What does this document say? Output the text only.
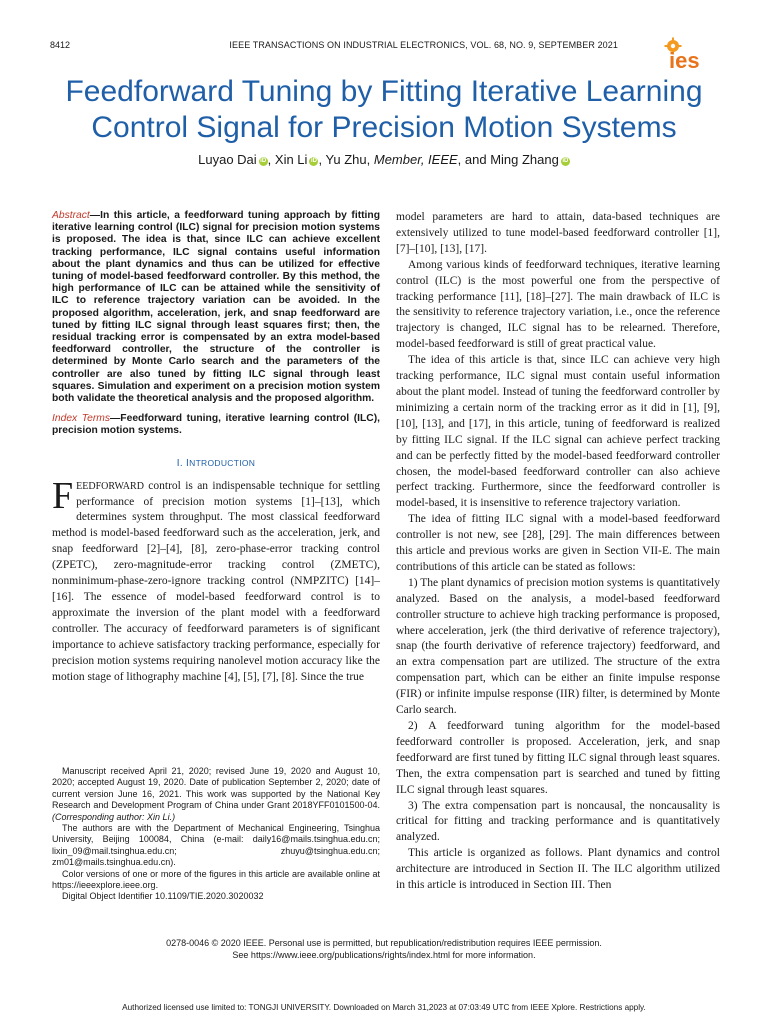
8412	IEEE TRANSACTIONS ON INDUSTRIAL ELECTRONICS, VOL. 68, NO. 9, SEPTEMBER 2021
ies
Feedforward Tuning by Fitting Iterative Learning
Control Signal for Precision Motion Systems
Luyao Dai iD , Xin Li iD , Yu Zhu, Member, IEEE, and Ming Zhang iD

Abstract—In this article, a feedforward tuning approach by fitting iterative learning control (ILC) signal for precision motion systems is proposed. The idea is that, since ILC can achieve excellent tracking performance, ILC signal contains useful information about the plant dynamics and thus can be utilized for effective tuning of model-based feedforward controller. By this method, the high performance of ILC can be attained while the sensitivity of ILC to reference trajectory variation can be avoided. In the proposed algorithm, acceleration, jerk, and snap feedforward are tuned by fitting ILC signal through least squares first; then, the residual tracking error is compensated by an extra model-based feedforward controller, the structure of the controller is determined by Monte Carlo search and the parameters of the controller are also tuned by fitting ILC signal through least squares. Simulation and experiment on a precision motion system both validate the theoretical analysis and the proposed algorithm.

Index Terms—Feedforward tuning, iterative learning control (ILC), precision motion systems.

I. INTRODUCTION

FEEDFORWARD control is an indispensable technique for settling performance of precision motion systems [1]–[13], which determines system throughput. The most classical feedforward method is model-based feedforward such as the acceleration, jerk, and snap feedforward [2]–[4], [8], zero-phase-error tracking control (ZPETC), zero-magnitude-error tracking control (ZMETC), nonminimum-phase-zero-ignore tracking control (NMPZITC) [14]–[16]. The essence of model-based feedforward control is to approximate the inversion of the plant model with a feedforward controller. The accuracy of feedforward parameters is of significant importance to achieve satisfactory tracking performance, especially for precision motion systems requiring nanolevel motion accuracy like the motion stage of lithography machine [4], [5], [7], [8]. Since the true

Manuscript received April 21, 2020; revised June 19, 2020 and August 10, 2020; accepted August 19, 2020. Date of publication September 2, 2020; date of current version June 16, 2021. This work was supported by the National Key Research and Development Program of China under Grant 2018YFF0101500-04. (Corresponding author: Xin Li.)

The authors are with the Department of Mechanical Engineering, Tsinghua University, Beijing 100084, China (e-mail: daily16@mails.tsinghua.edu.cn; lixin_09@mail.tsinghua.edu.cn; zhuyu@tsinghua.edu.cn; zm01@mails.tsinghua.edu.cn).

Color versions of one or more of the figures in this article are available online at https://ieeexplore.ieee.org.

Digital Object Identifier 10.1109/TIE.2020.3020032

model parameters are hard to attain, data-based techniques are extensively utilized to tune model-based feedforward controller [1], [7]–[10], [13], [17].

Among various kinds of feedforward techniques, iterative learning control (ILC) is the most powerful one from the perspective of tracking performance [11], [18]–[27]. The main drawback of ILC is the sensitivity to reference trajectory variation, i.e., once the reference trajectory is changed, ILC signal has to be relearned. Therefore, model-based feedforward is still of great practical value.

The idea of this article is that, since ILC can achieve very high tracking performance, ILC signal must contain useful information about the plant model. Instead of tuning the feedforward controller by minimizing a certain norm of the tracking error as it did in [1], [9], [10], [13], and [17], in this article, tuning of feedforward is realized by fitting ILC signal. If the ILC signal can achieve perfect tracking and can be perfectly fitted by the model-based feedforward controller chosen, the model-based feedforward controller can also achieve perfect tracking. Furthermore, since the feedforward controller is model-based, it is insensitive to reference trajectory variation.

The idea of fitting ILC signal with a model-based feedforward controller is not new, see [28], [29]. The main differences between this article and previous works are given in Section VII-E. The main contributions of this article can be stated as follows:

1) The plant dynamics of precision motion systems is quantitatively analyzed. Based on the analysis, a model-based feedforward controller structure to achieve high tracking performance is proposed, where acceleration, jerk (the third derivative of reference trajectory), snap (the fourth derivative of reference trajectory) feedforward, and an extra compensation part are utilized. The structure of the extra compensation part, which can be either an finite impulse response (FIR) or infinite impulse response (IIR) filter, is determined by Monte Carlo search.

2) A feedforward tuning algorithm for the model-based feedforward controller is proposed. Acceleration, jerk, and snap feedforward are first tuned by fitting ILC signal through least squares. Then, the extra compensation part is searched and tuned by fitting ILC signal through least squares.

3) The extra compensation part is noncausal, the noncausality is critical for fitting and tracking performance and is quantitatively analyzed.

This article is organized as follows. Plant dynamics and control architecture are introduced in Section II. The ILC algorithm utilized in this article is introduced in Section III. Then

0278-0046 © 2020 IEEE. Personal use is permitted, but republication/redistribution requires IEEE permission.
See https://www.ieee.org/publications/rights/index.html for more information.
Authorized licensed use limited to: TONGJI UNIVERSITY. Downloaded on March 31,2023 at 07:03:49 UTC from IEEE Xplore. Restrictions apply.
